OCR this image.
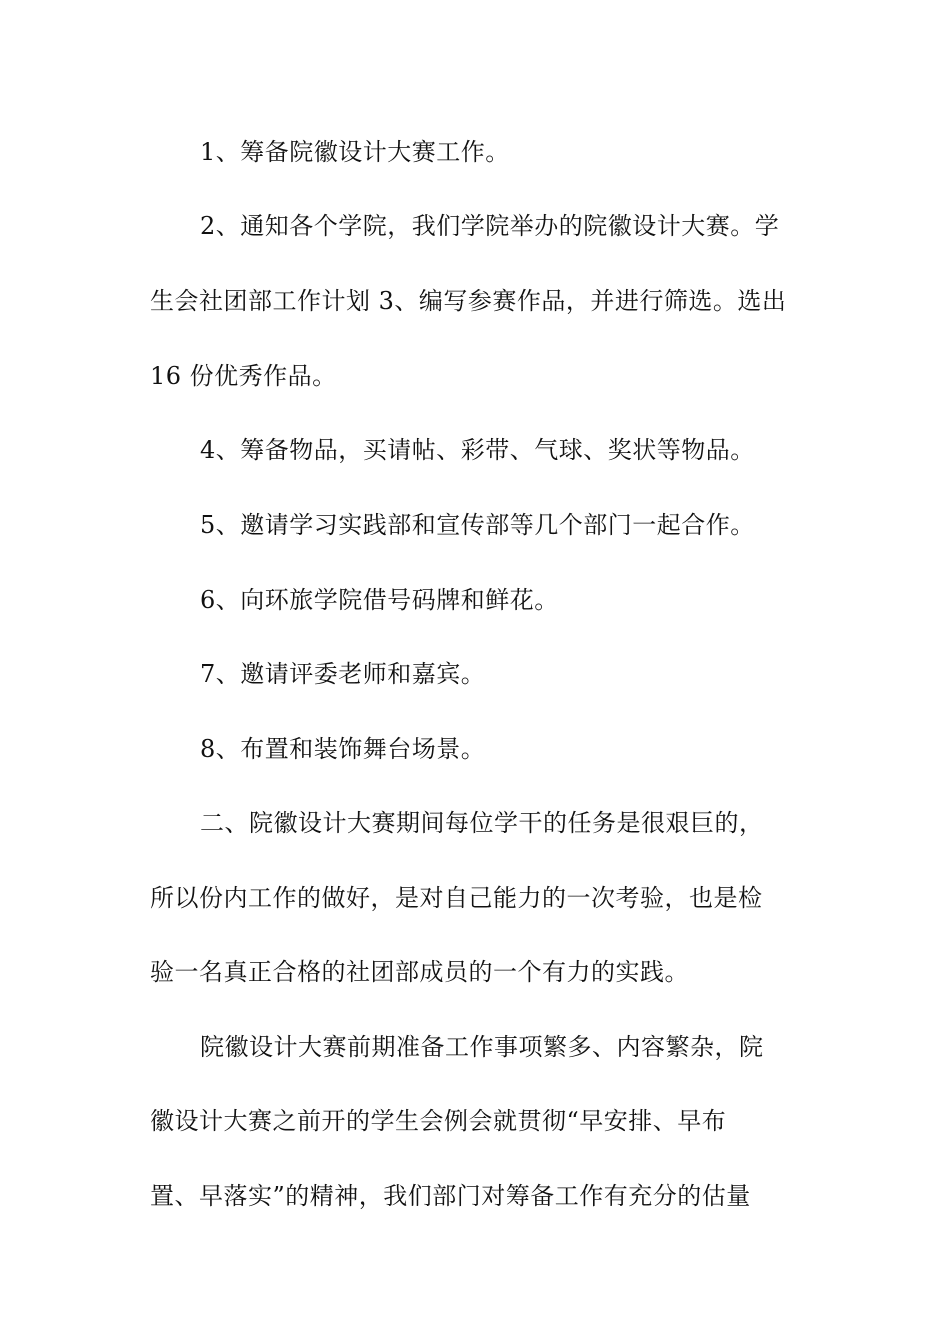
1、筹备院徽设计大赛工作。
2、通知各个学院，我们学院举办的院徽设计大赛。学
生会社团部工作计划 3、编写参赛作品，并进行筛选。选出
16 份优秀作品。
4、筹备物品，买请帖、彩带、气球、奖状等物品。
5、邀请学习实践部和宣传部等几个部门一起合作。
6、向环旅学院借号码牌和鲜花。
7、邀请评委老师和嘉宾。
8、布置和装饰舞台场景。
二、院徽设计大赛期间每位学干的任务是很艰巨的，
所以份内工作的做好，是对自己能力的一次考验，也是检
验一名真正合格的社团部成员的一个有力的实践。
院徽设计大赛前期准备工作事项繁多、内容繁杂，院
徽设计大赛之前开的学生会例会就贯彻“早安排、早布
置、早落实”的精神，我们部门对筹备工作有充分的估量
